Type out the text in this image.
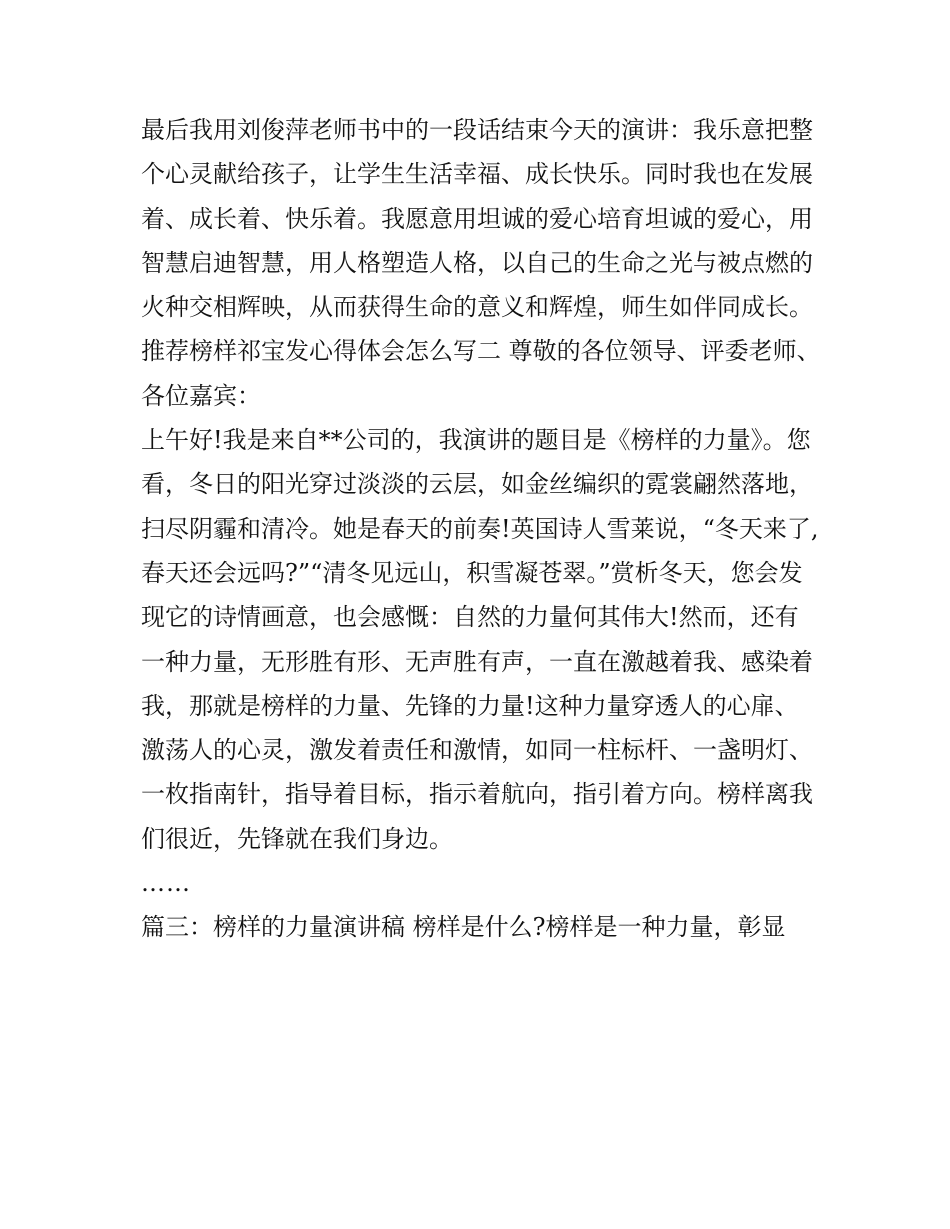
最后我用刘俊萍老师书中的一段话结束今天的演讲：我乐意把整个心灵献给孩子，让学生生活幸福、成长快乐。同时我也在发展着、成长着、快乐着。我愿意用坦诚的爱心培育坦诚的爱心，用智慧启迪智慧，用人格塑造人格，以自己的生命之光与被点燃的火种交相辉映，从而获得生命的意义和辉煌，师生如伴同成长。

推荐榜样祁宝发心得体会怎么写二 尊敬的各位领导、评委老师、各位嘉宾：

上午好!我是来自**公司的，我演讲的题目是《榜样的力量》。您看，冬日的阳光穿过淡淡的云层，如金丝编织的霓裳翩然落地，扫尽阴霾和清冷。她是春天的前奏!英国诗人雪莱说，“冬天来了,春天还会远吗?”“清冬见远山，积雪凝苍翠。”赏析冬天，您会发现它的诗情画意，也会感慨：自然的力量何其伟大!然而，还有一种力量，无形胜有形、无声胜有声，一直在激越着我、感染着我，那就是榜样的力量、先锋的力量!这种力量穿透人的心扉、激荡人的心灵，激发着责任和激情，如同一柱标杆、一盏明灯、一枚指南针，指导着目标，指示着航向，指引着方向。榜样离我们很近，先锋就在我们身边。

……

篇三：榜样的力量演讲稿 榜样是什么?榜样是一种力量，彰显
